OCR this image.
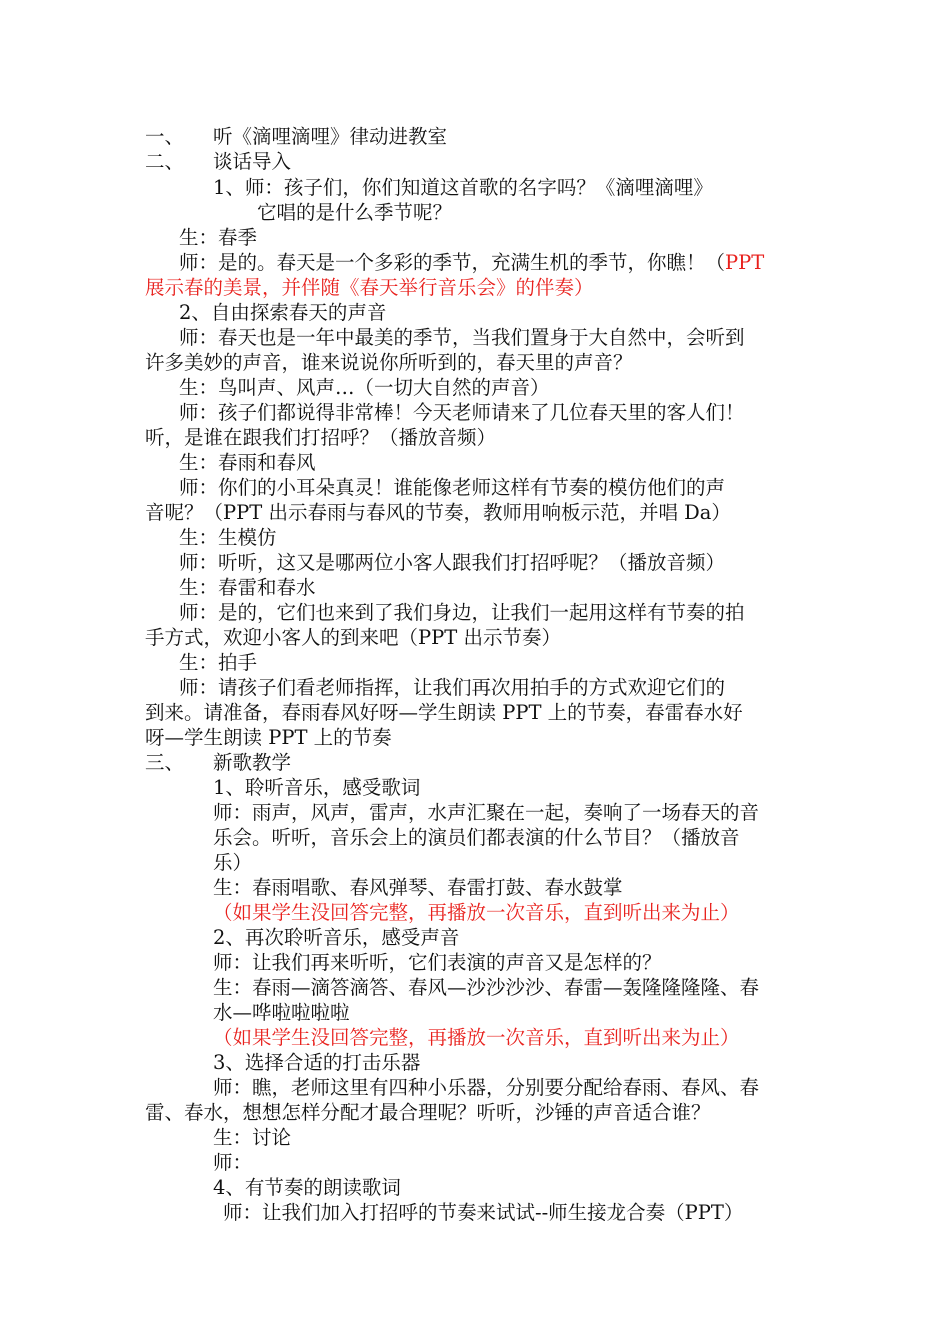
一、 听《滴哩滴哩》律动进教室
二、 谈话导入
1、师：孩子们，你们知道这首歌的名字吗？《滴哩滴哩》
它唱的是什么季节呢？
生：春季
师：是的。春天是一个多彩的季节，充满生机的季节，你瞧！（PPT
展示春的美景，并伴随《春天举行音乐会》的伴奏）
2、自由探索春天的声音
师：春天也是一年中最美的季节，当我们置身于大自然中，会听到
许多美妙的声音，谁来说说你所听到的，春天里的声音？
生：鸟叫声、风声…（一切大自然的声音）
师：孩子们都说得非常棒！今天老师请来了几位春天里的客人们！
听，是谁在跟我们打招呼？（播放音频）
生：春雨和春风
师：你们的小耳朵真灵！谁能像老师这样有节奏的模仿他们的声
音呢？（PPT 出示春雨与春风的节奏，教师用响板示范，并唱 Da）
生：生模仿
师：听听，这又是哪两位小客人跟我们打招呼呢？（播放音频）
生：春雷和春水
师：是的，它们也来到了我们身边，让我们一起用这样有节奏的拍
手方式，欢迎小客人的到来吧（PPT 出示节奏）
生：拍手
师：请孩子们看老师指挥，让我们再次用拍手的方式欢迎它们的
到来。请准备，春雨春风好呀—学生朗读 PPT 上的节奏，春雷春水好
呀—学生朗读 PPT 上的节奏
三、 新歌教学
1、聆听音乐，感受歌词
师：雨声，风声，雷声，水声汇聚在一起，奏响了一场春天的音
乐会。听听，音乐会上的演员们都表演的什么节目？（播放音
乐）
生：春雨唱歌、春风弹琴、春雷打鼓、春水鼓掌
（如果学生没回答完整，再播放一次音乐，直到听出来为止）
2、再次聆听音乐，感受声音
师：让我们再来听听，它们表演的声音又是怎样的？
生：春雨—滴答滴答、春风—沙沙沙沙、春雷—轰隆隆隆隆、春
水—哗啦啦啦啦
（如果学生没回答完整，再播放一次音乐，直到听出来为止）
3、选择合适的打击乐器
师：瞧，老师这里有四种小乐器，分别要分配给春雨、春风、春
雷、春水，想想怎样分配才最合理呢？听听，沙锤的声音适合谁？
生：讨论
师：
4、有节奏的朗读歌词
师：让我们加入打招呼的节奏来试试--师生接龙合奏（PPT）
